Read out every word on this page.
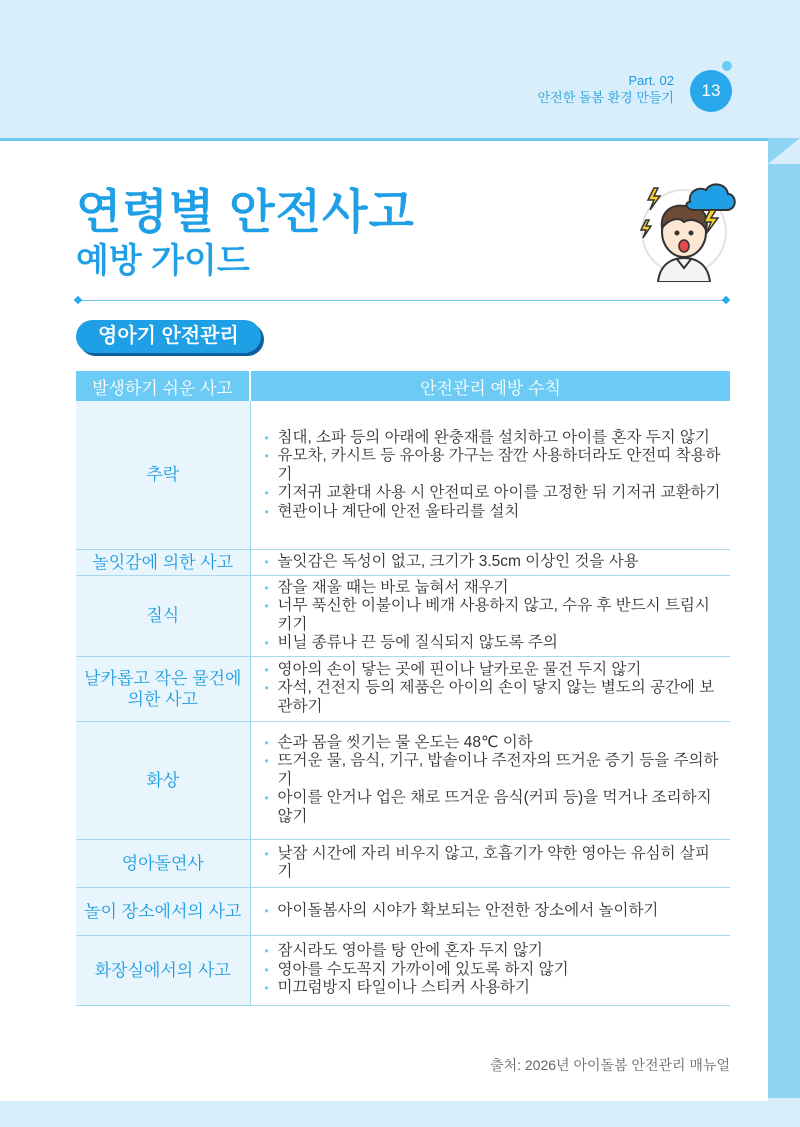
Part. 02
안전한 돌봄 환경 만들기	13
연령별 안전사고
예방 가이드
영아기 안전관리
발생하기 쉬운 사고	안전관리 예방 수칙
추락	• 침대, 소파 등의 아래에 완충재를 설치하고 아이를 혼자 두지 않기
• 유모차, 카시트 등 유아용 가구는 잠깐 사용하더라도 안전띠 착용하기
• 기저귀 교환대 사용 시 안전띠로 아이를 고정한 뒤 기저귀 교환하기
• 현관이나 계단에 안전 울타리를 설치

놀잇감에 의한 사고	• 놀잇감은 독성이 없고, 크기가 3.5cm 이상인 것을 사용

질식	• 잠을 재울 때는 바로 눕혀서 재우기
• 너무 푹신한 이불이나 베개 사용하지 않고, 수유 후 반드시 트림시키기
• 비닐 종류나 끈 등에 질식되지 않도록 주의

날카롭고 작은 물건에 의한 사고	• 영아의 손이 닿는 곳에 핀이나 날카로운 물건 두지 않기
• 자석, 건전지 등의 제품은 아이의 손이 닿지 않는 별도의 공간에 보관하기

화상	• 손과 몸을 씻기는 물 온도는 48℃ 이하
• 뜨거운 물, 음식, 기구, 밥솥이나 주전자의 뜨거운 증기 등을 주의하기
• 아이를 안거나 업은 채로 뜨거운 음식(커피 등)을 먹거나 조리하지 않기

영아돌연사	• 낮잠 시간에 자리 비우지 않고, 호흡기가 약한 영아는 유심히 살피기

놀이 장소에서의 사고	• 아이돌봄사의 시야가 확보되는 안전한 장소에서 놀이하기

화장실에서의 사고	• 잠시라도 영아를 탕 안에 혼자 두지 않기
• 영아를 수도꼭지 가까이에 있도록 하지 않기
• 미끄럼방지 타일이나 스티커 사용하기
출처: 2026년 아이돌봄 안전관리 매뉴얼
